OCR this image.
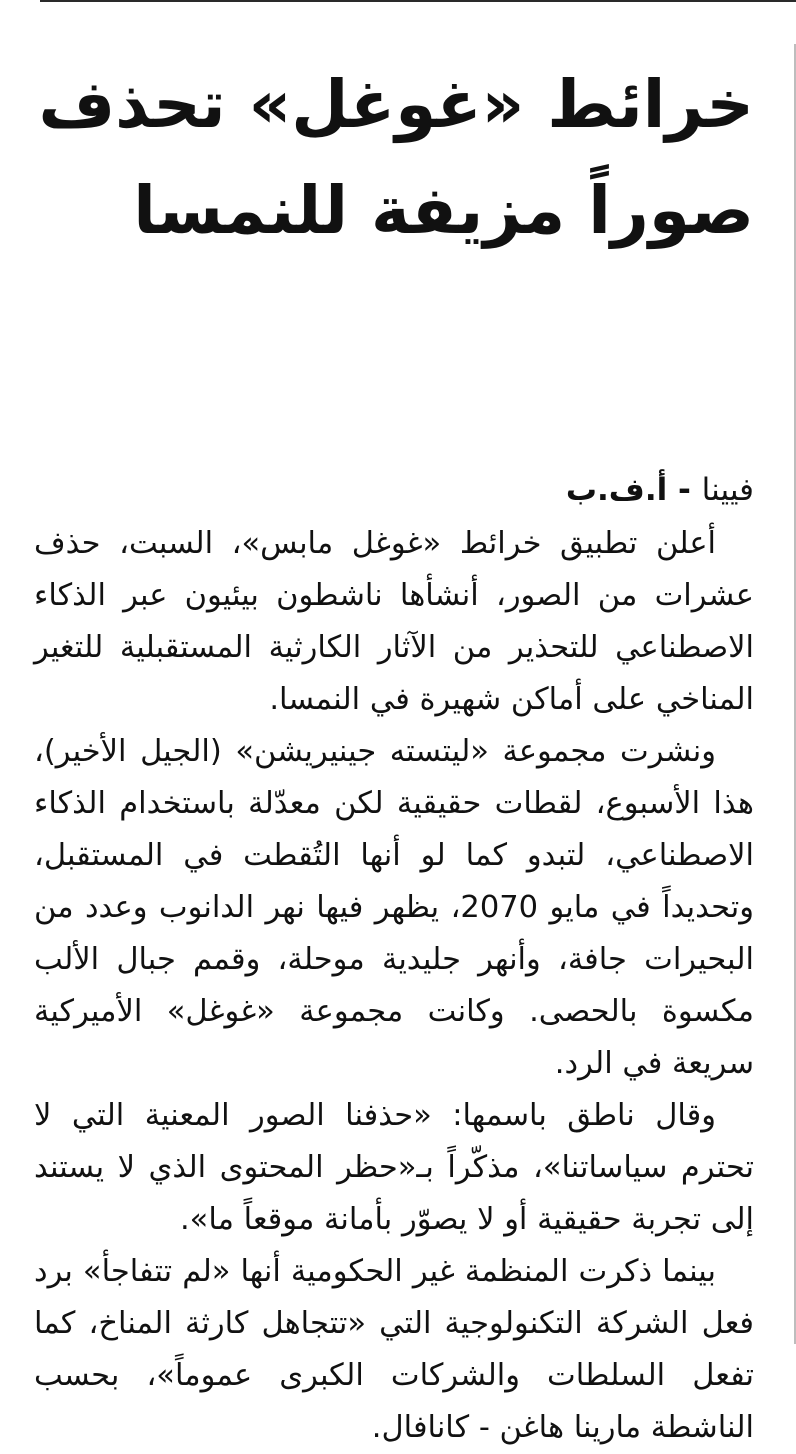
خرائط «غوغل» تحذف صوراً مزيفة للنمسا

فيينا - أ.ف.ب

أعلن تطبيق خرائط «غوغل مابس»، السبت، حذف عشرات من الصور، أنشأها ناشطون بيئيون عبر الذكاء الاصطناعي للتحذير من الآثار الكارثية المستقبلية للتغير المناخي على أماكن شهيرة في النمسا.

ونشرت مجموعة «ليتسته جينيريشن» (الجيل الأخير)، هذا الأسبوع، لقطات حقيقية لكن معدّلة باستخدام الذكاء الاصطناعي، لتبدو كما لو أنها التُقطت في المستقبل، وتحديداً في مايو 2070، يظهر فيها نهر الدانوب وعدد من البحيرات جافة، وأنهر جليدية موحلة، وقمم جبال الألب مكسوة بالحصى. وكانت مجموعة «غوغل» الأميركية سريعة في الرد.

وقال ناطق باسمها: «حذفنا الصور المعنية التي لا تحترم سياساتنا»، مذكّراً بـ«حظر المحتوى الذي لا يستند إلى تجربة حقيقية أو لا يصوّر بأمانة موقعاً ما».

بينما ذكرت المنظمة غير الحكومية أنها «لم تتفاجأ» برد فعل الشركة التكنولوجية التي «تتجاهل كارثة المناخ، كما تفعل السلطات والشركات الكبرى عموماً»، بحسب الناشطة مارينا هاغن - كانافال.
